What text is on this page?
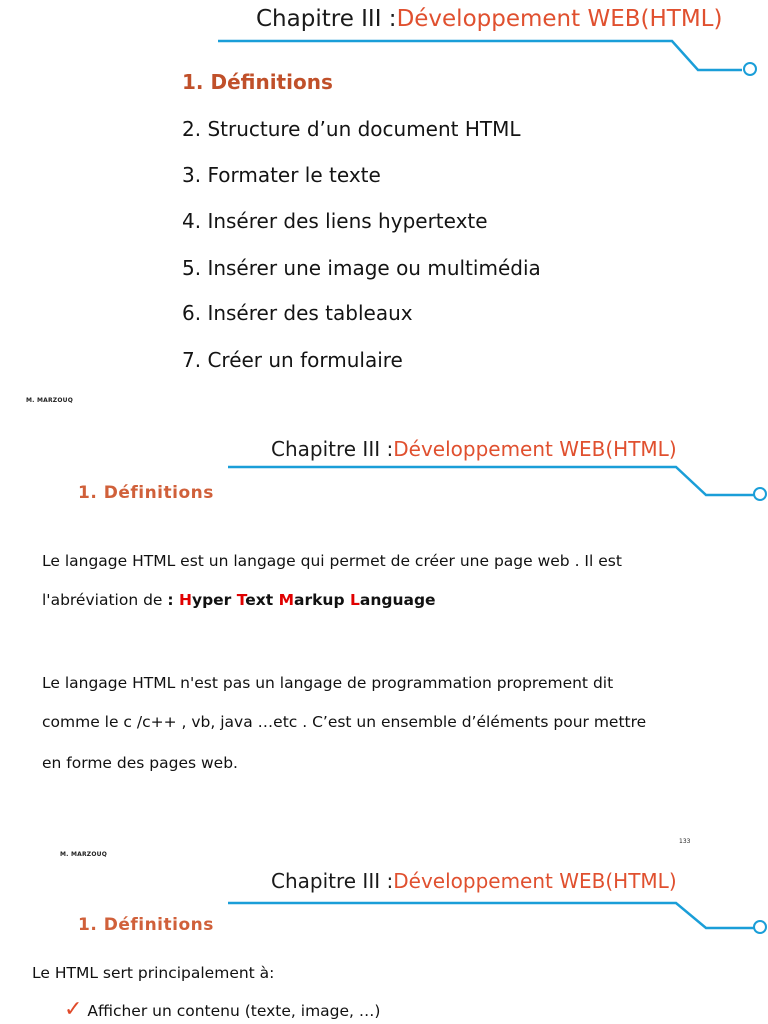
Chapitre III :Développement WEB(HTML)
1. Définitions
2. Structure d’un document HTML
3. Formater le texte
4. Insérer des liens hypertexte
5. Insérer une image ou multimédia
6. Insérer des tableaux
7. Créer un formulaire
M. MARZOUQ
Chapitre III :Développement WEB(HTML)
1. Définitions
Le langage HTML est un langage qui permet de créer une page web . Il est
l'abréviation de : Hyper Text Markup Language
Le langage HTML n'est pas un langage de programmation proprement dit
comme le c /c++ , vb, java …etc . C’est un ensemble d’éléments pour mettre
en forme des pages web.
133
M. MARZOUQ
Chapitre III :Développement WEB(HTML)
1. Définitions
Le HTML sert principalement à:
✓ Afficher un contenu (texte, image, …)
